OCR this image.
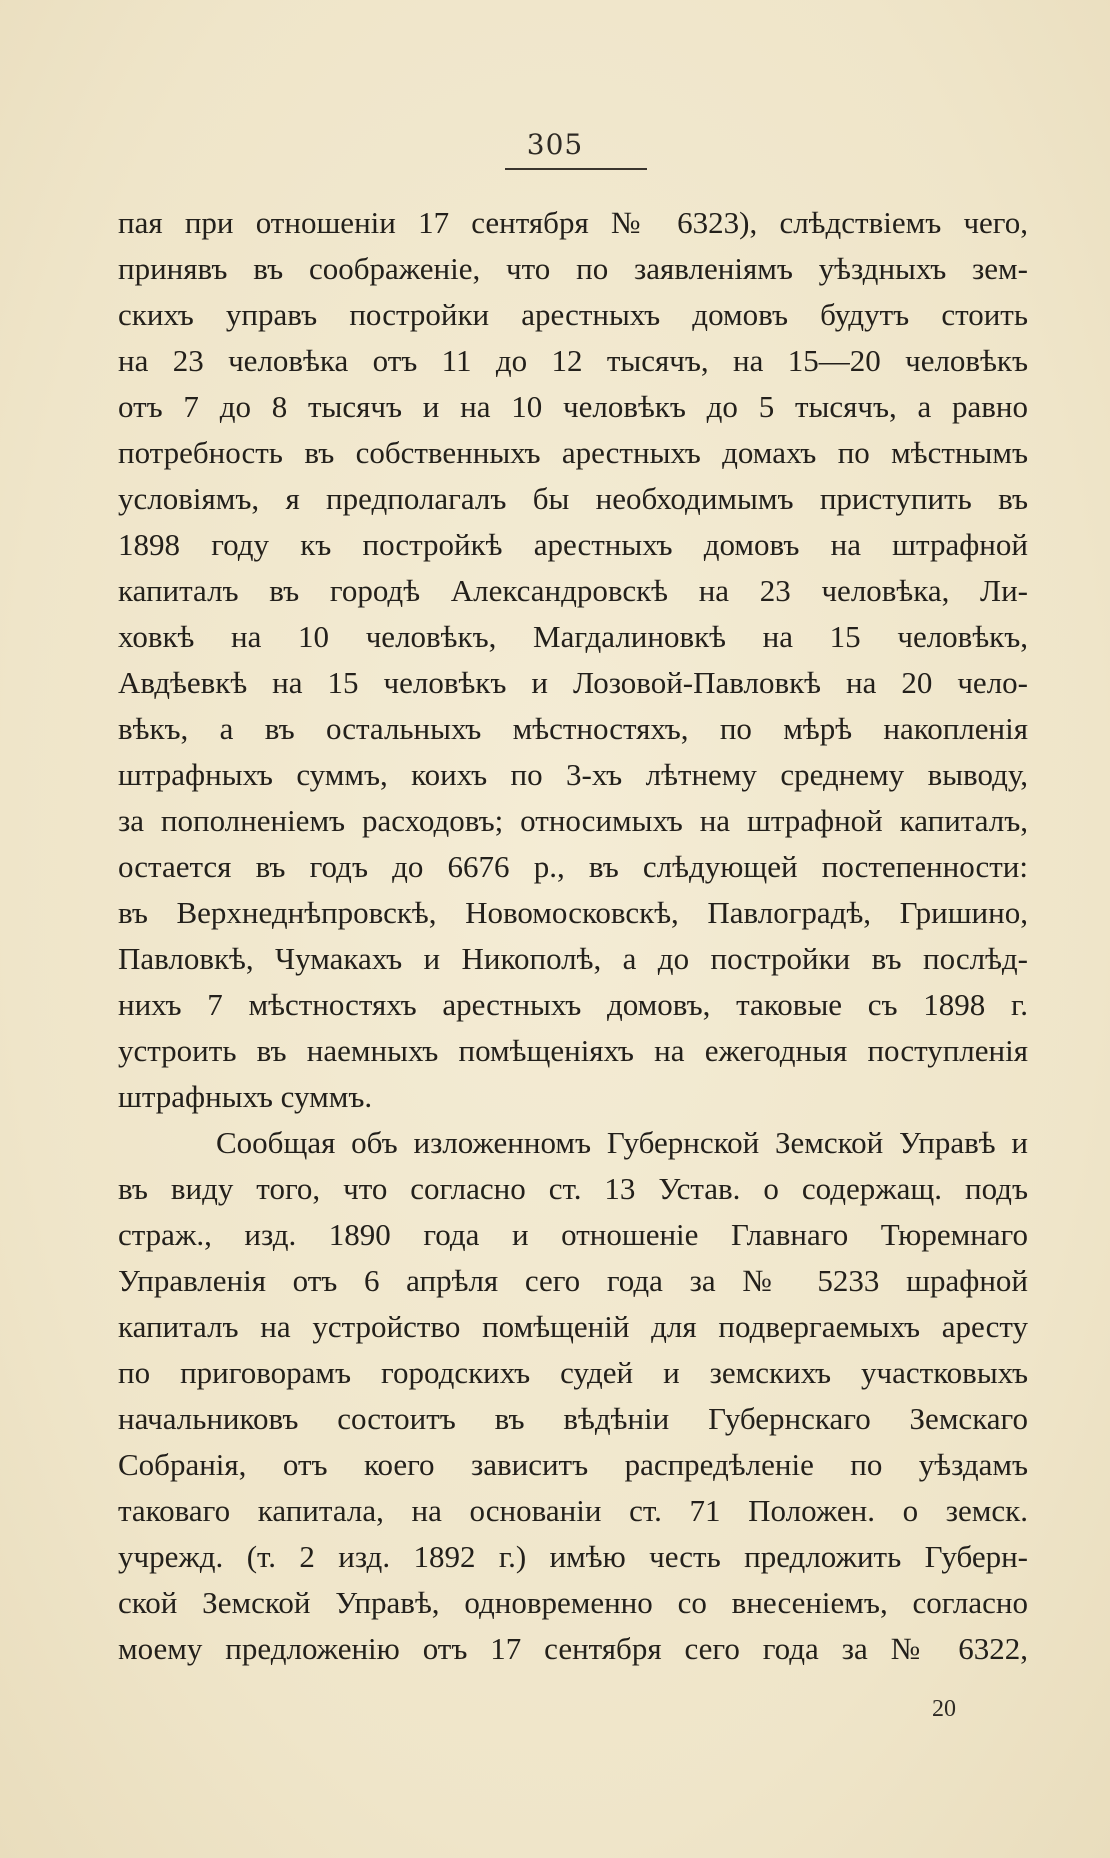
305
пая при отношеніи 17 сентября № 6323), слѣдствіемъ чего,
принявъ въ соображеніе, что по заявленіямъ уѣздныхъ зем-
скихъ управъ постройки арестныхъ домовъ будутъ стоить
на 23 человѣка отъ 11 до 12 тысячъ, на 15—20 человѣкъ
отъ 7 до 8 тысячъ и на 10 человѣкъ до 5 тысячъ, а равно
потребность въ собственныхъ арестныхъ домахъ по мѣстнымъ
условіямъ, я предполагалъ бы необходимымъ приступить въ
1898 году къ постройкѣ арестныхъ домовъ на штрафной
капиталъ въ городѣ Александровскѣ на 23 человѣка, Ли-
ховкѣ на 10 человѣкъ, Магдалиновкѣ на 15 человѣкъ,
Авдѣевкѣ на 15 человѣкъ и Лозовой-Павловкѣ на 20 чело-
вѣкъ, а въ остальныхъ мѣстностяхъ, по мѣрѣ накопленія
штрафныхъ суммъ, коихъ по 3-хъ лѣтнему среднему выводу,
за пополненіемъ расходовъ; относимыхъ на штрафной капиталъ,
остается въ годъ до 6676 р., въ слѣдующей постепенности:
въ Верхнеднѣпровскѣ, Новомосковскѣ, Павлоградѣ, Гришино,
Павловкѣ, Чумакахъ и Никополѣ, а до постройки въ послѣд-
нихъ 7 мѣстностяхъ арестныхъ домовъ, таковые съ 1898 г.
устроить въ наемныхъ помѣщеніяхъ на ежегодныя поступленія
штрафныхъ суммъ.
Сообщая объ изложенномъ Губернской Земской Управѣ и
въ виду того, что согласно ст. 13 Устав. о содержащ. подъ
страж., изд. 1890 года и отношеніе Главнаго Тюремнаго
Управленія отъ 6 апрѣля сего года за № 5233 шрафной
капиталъ на устройство помѣщеній для подвергаемыхъ аресту
по приговорамъ городскихъ судей и земскихъ участковыхъ
начальниковъ состоитъ въ вѣдѣніи Губернскаго Земскаго
Собранія, отъ коего зависитъ распредѣленіе по уѣздамъ
таковаго капитала, на основаніи ст. 71 Положен. о земск.
учрежд. (т. 2 изд. 1892 г.) имѣю честь предложить Губерн-
ской Земской Управѣ, одновременно со внесеніемъ, согласно
моему предложенію отъ 17 сентября сего года за № 6322,
20
